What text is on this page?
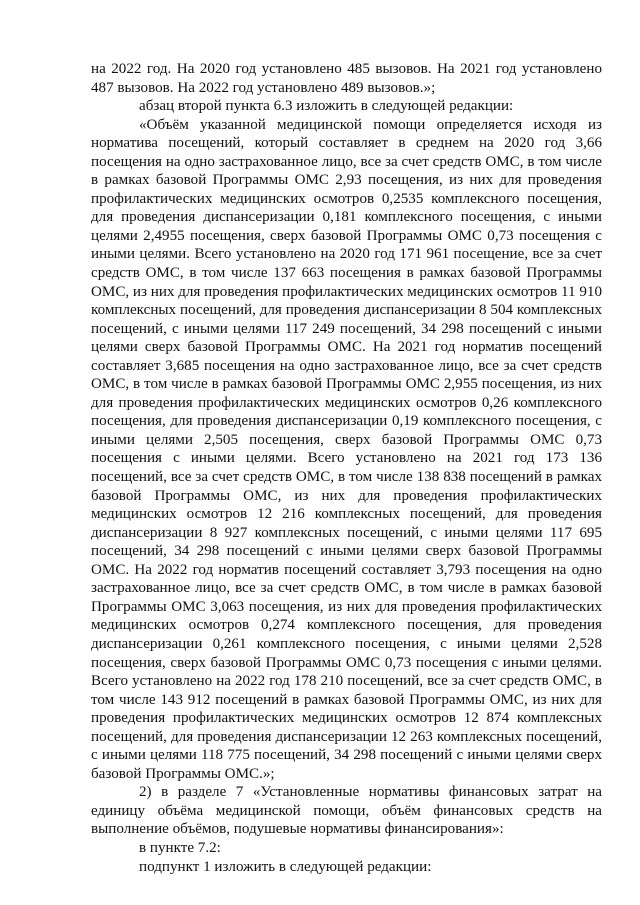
на 2022 год. На 2020 год установлено 485 вызовов. На 2021 год установлено 487 вызовов. На 2022 год установлено 489 вызовов.»;

абзац второй пункта 6.3 изложить в следующей редакции:

«Объём указанной медицинской помощи определяется исходя из норматива посещений, который составляет в среднем на 2020 год 3,66 посещения на одно застрахованное лицо, все за счет средств ОМС, в том числе в рамках базовой Программы ОМС 2,93 посещения, из них для проведения профилактических медицинских осмотров 0,2535 комплексного посещения, для проведения диспансеризации 0,181 комплексного посещения, с иными целями 2,4955 посещения, сверх базовой Программы ОМС 0,73 посещения с иными целями. Всего установлено на 2020 год 171 961 посещение, все за счет средств ОМС, в том числе 137 663 посещения в рамках базовой Программы ОМС, из них для проведения профилактических медицинских осмотров 11 910 комплексных посещений, для проведения диспансеризации 8 504 комплексных посещений, с иными целями 117 249 посещений, 34 298 посещений с иными целями сверх базовой Программы ОМС. На 2021 год норматив посещений составляет 3,685 посещения на одно застрахованное лицо, все за счет средств ОМС, в том числе в рамках базовой Программы ОМС 2,955 посещения, из них для проведения профилактических медицинских осмотров 0,26 комплексного посещения, для проведения диспансеризации 0,19 комплексного посещения, с иными целями 2,505 посещения, сверх базовой Программы ОМС 0,73 посещения с иными целями. Всего установлено на 2021 год 173 136 посещений, все за счет средств ОМС, в том числе 138 838 посещений в рамках базовой Программы ОМС, из них для проведения профилактических медицинских осмотров 12 216 комплексных посещений, для проведения диспансеризации 8 927 комплексных посещений, с иными целями 117 695 посещений, 34 298 посещений с иными целями сверх базовой Программы ОМС. На 2022 год норматив посещений составляет 3,793 посещения на одно застрахованное лицо, все за счет средств ОМС, в том числе в рамках базовой Программы ОМС 3,063 посещения, из них для проведения профилактических медицинских осмотров 0,274 комплексного посещения, для проведения диспансеризации 0,261 комплексного посещения, с иными целями 2,528 посещения, сверх базовой Программы ОМС 0,73 посещения с иными целями. Всего установлено на 2022 год 178 210 посещений, все за счет средств ОМС, в том числе 143 912 посещений в рамках базовой Программы ОМС, из них для проведения профилактических медицинских осмотров 12 874 комплексных посещений, для проведения диспансеризации 12 263 комплексных посещений, с иными целями 118 775 посещений, 34 298 посещений с иными целями сверх базовой Программы ОМС.»;

2) в разделе 7 «Установленные нормативы финансовых затрат на единицу объёма медицинской помощи, объём финансовых средств на выполнение объёмов, подушевые нормативы финансирования»:

в пункте 7.2:

подпункт 1 изложить в следующей редакции:
